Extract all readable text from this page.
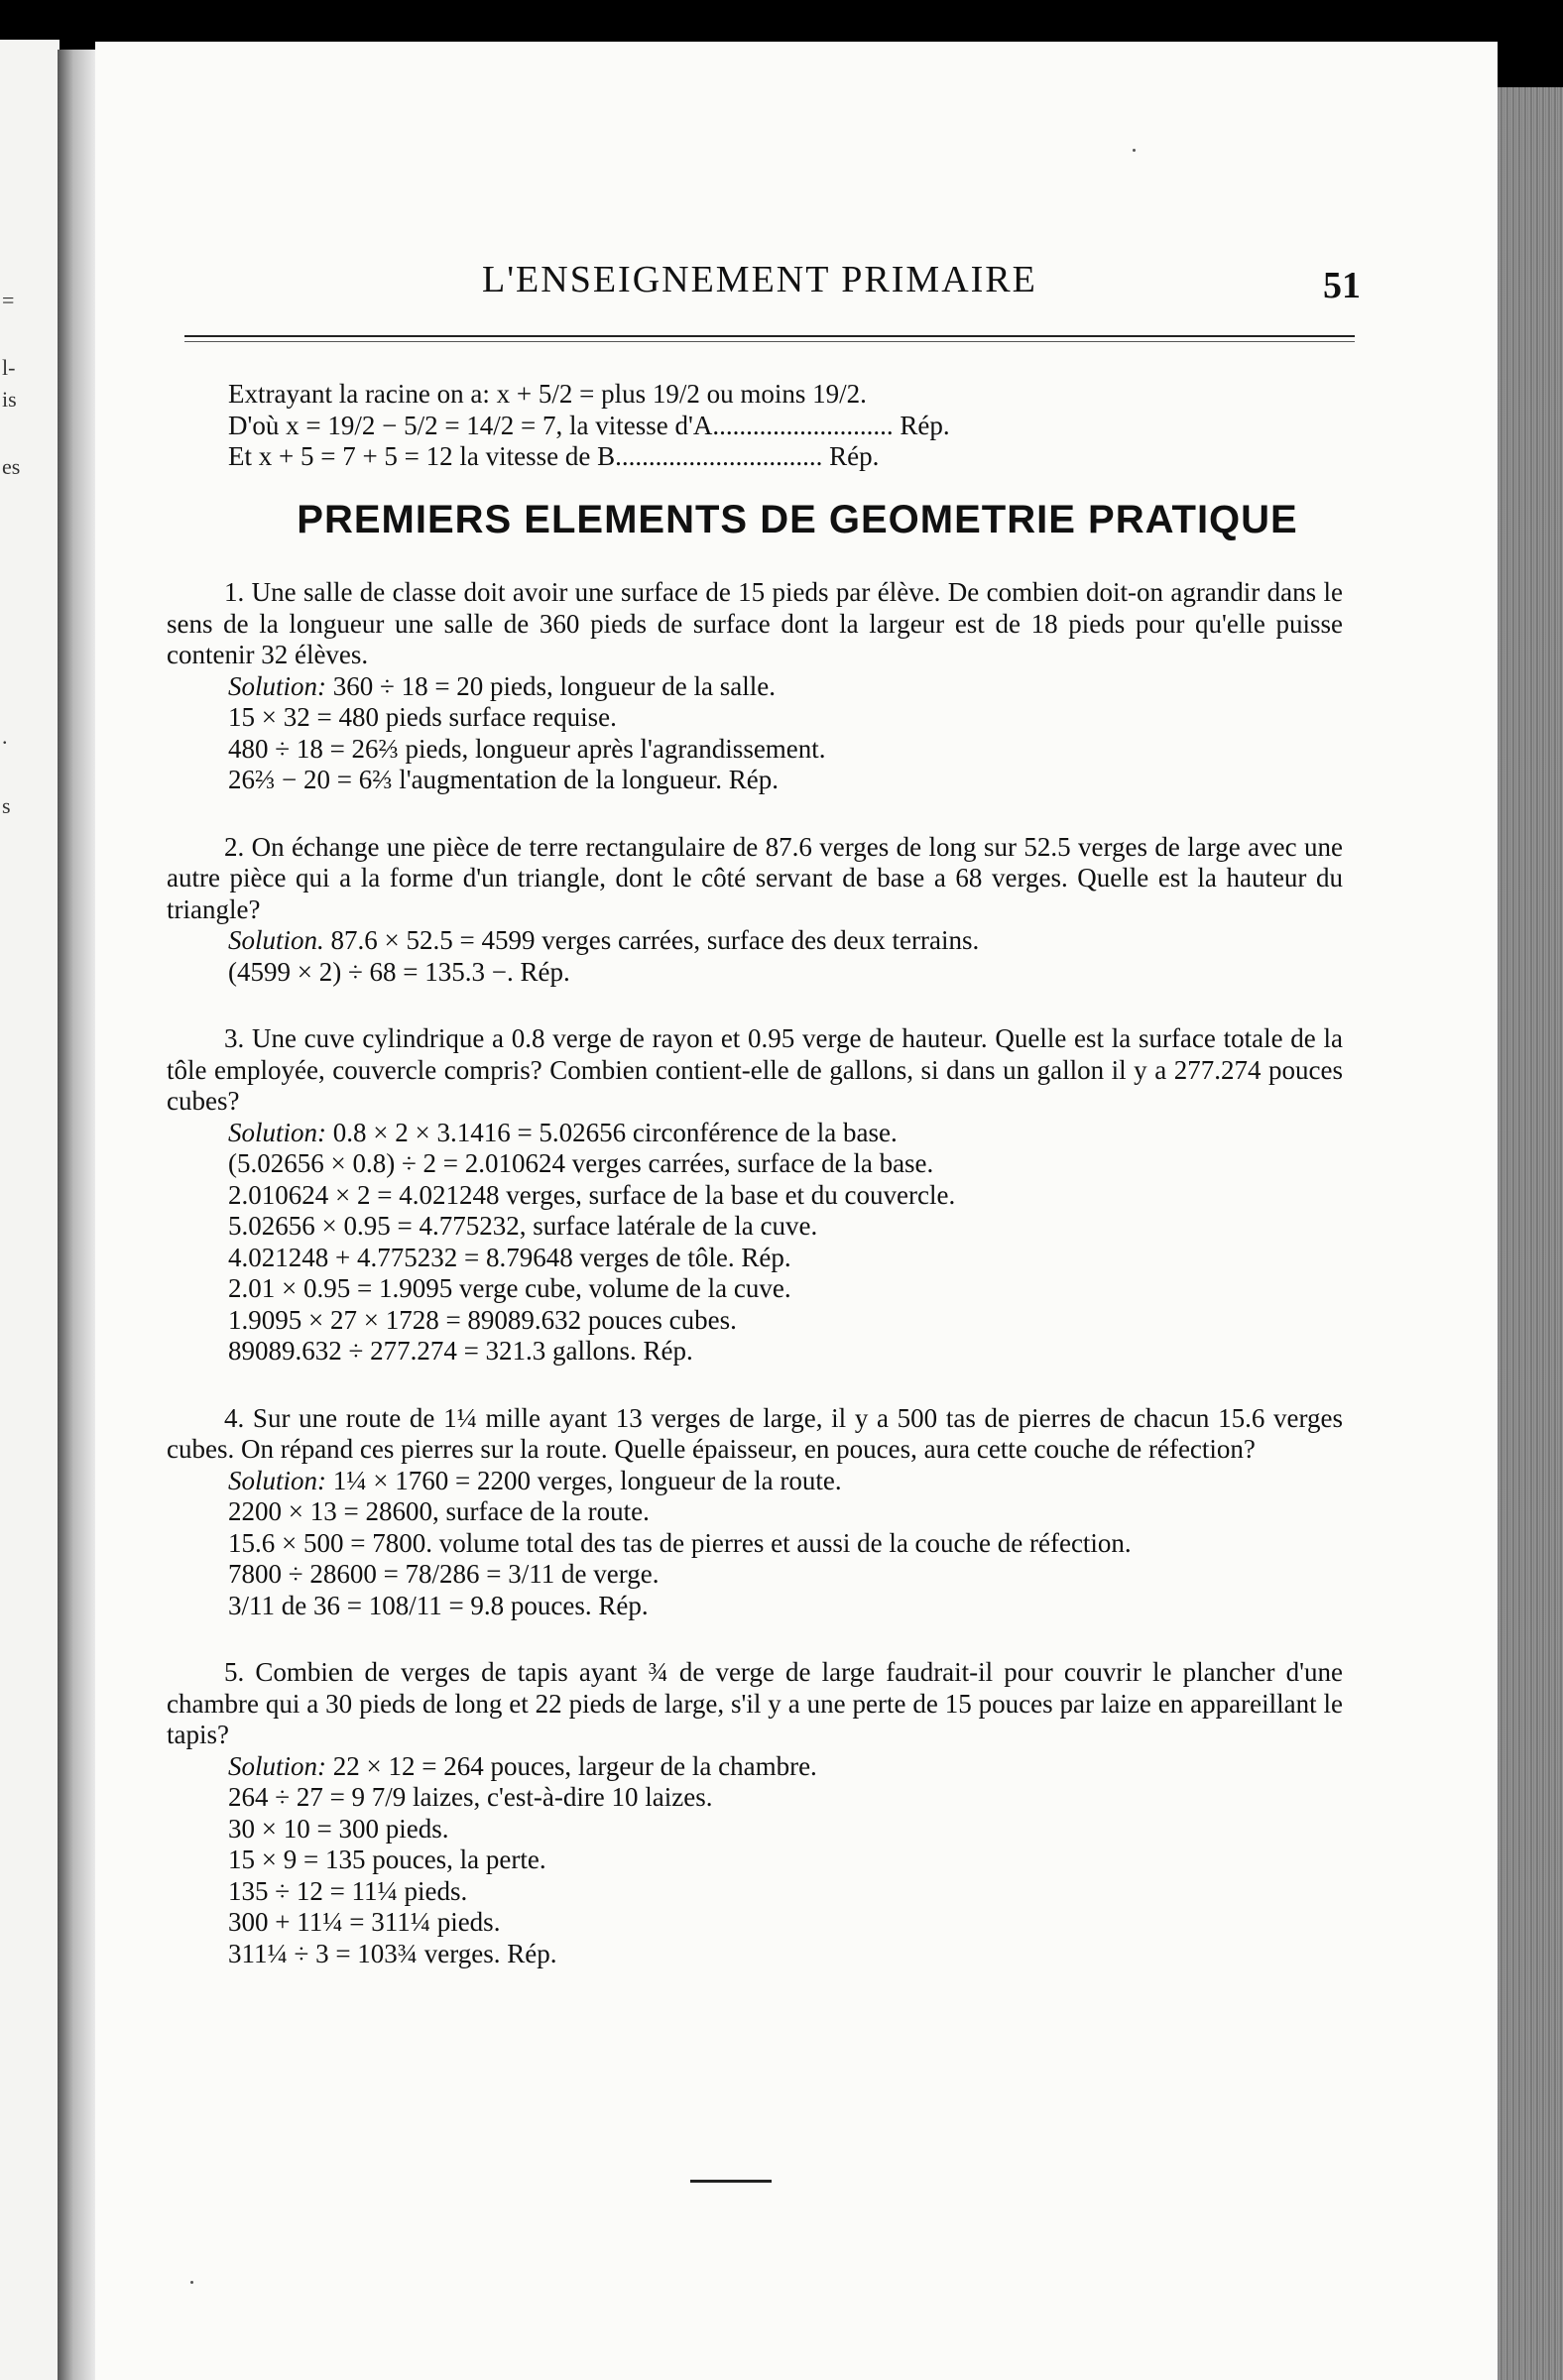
=
l-
is
es
.
s
L'ENSEIGNEMENT PRIMAIRE	51

Extrayant la racine on a: x + 5/2 = plus 19/2 ou moins 19/2.

D'où x = 19/2 − 5/2 = 14/2 = 7, la vitesse d'A........................... Rép.

Et x + 5 = 7 + 5 = 12 la vitesse de B............................... Rép.

PREMIERS ELEMENTS DE GEOMETRIE PRATIQUE

1. Une salle de classe doit avoir une surface de 15 pieds par élève. De combien doit-on agrandir dans le sens de la longueur une salle de 360 pieds de surface dont la largeur est de 18 pieds pour qu'elle puisse contenir 32 élèves.

Solution: 360 ÷ 18 = 20 pieds, longueur de la salle.

15 × 32 = 480 pieds surface requise.

480 ÷ 18 = 26⅔ pieds, longueur après l'agrandissement.

26⅔ − 20 = 6⅔ l'augmentation de la longueur. Rép.

2. On échange une pièce de terre rectangulaire de 87.6 verges de long sur 52.5 verges de large avec une autre pièce qui a la forme d'un triangle, dont le côté servant de base a 68 verges. Quelle est la hauteur du triangle?

Solution. 87.6 × 52.5 = 4599 verges carrées, surface des deux terrains.

(4599 × 2) ÷ 68 = 135.3 −. Rép.

3. Une cuve cylindrique a 0.8 verge de rayon et 0.95 verge de hauteur. Quelle est la surface totale de la tôle employée, couvercle compris? Combien contient-elle de gallons, si dans un gallon il y a 277.274 pouces cubes?

Solution: 0.8 × 2 × 3.1416 = 5.02656 circonférence de la base.

(5.02656 × 0.8) ÷ 2 = 2.010624 verges carrées, surface de la base.

2.010624 × 2 = 4.021248 verges, surface de la base et du couvercle.

5.02656 × 0.95 = 4.775232, surface latérale de la cuve.

4.021248 + 4.775232 = 8.79648 verges de tôle. Rép.

2.01 × 0.95 = 1.9095 verge cube, volume de la cuve.

1.9095 × 27 × 1728 = 89089.632 pouces cubes.

89089.632 ÷ 277.274 = 321.3 gallons. Rép.

4. Sur une route de 1¼ mille ayant 13 verges de large, il y a 500 tas de pierres de chacun 15.6 verges cubes. On répand ces pierres sur la route. Quelle épaisseur, en pouces, aura cette couche de réfection?

Solution: 1¼ × 1760 = 2200 verges, longueur de la route.

2200 × 13 = 28600, surface de la route.

15.6 × 500 = 7800. volume total des tas de pierres et aussi de la couche de réfection.

7800 ÷ 28600 = 78/286 = 3/11 de verge.

3/11 de 36 = 108/11 = 9.8 pouces. Rép.

5. Combien de verges de tapis ayant ¾ de verge de large faudrait-il pour couvrir le plancher d'une chambre qui a 30 pieds de long et 22 pieds de large, s'il y a une perte de 15 pouces par laize en appareillant le tapis?

Solution: 22 × 12 = 264 pouces, largeur de la chambre.

264 ÷ 27 = 9 7/9 laizes, c'est-à-dire 10 laizes.

30 × 10 = 300 pieds.

15 × 9 = 135 pouces, la perte.

135 ÷ 12 = 11¼ pieds.

300 + 11¼ = 311¼ pieds.

311¼ ÷ 3 = 103¾ verges. Rép.
